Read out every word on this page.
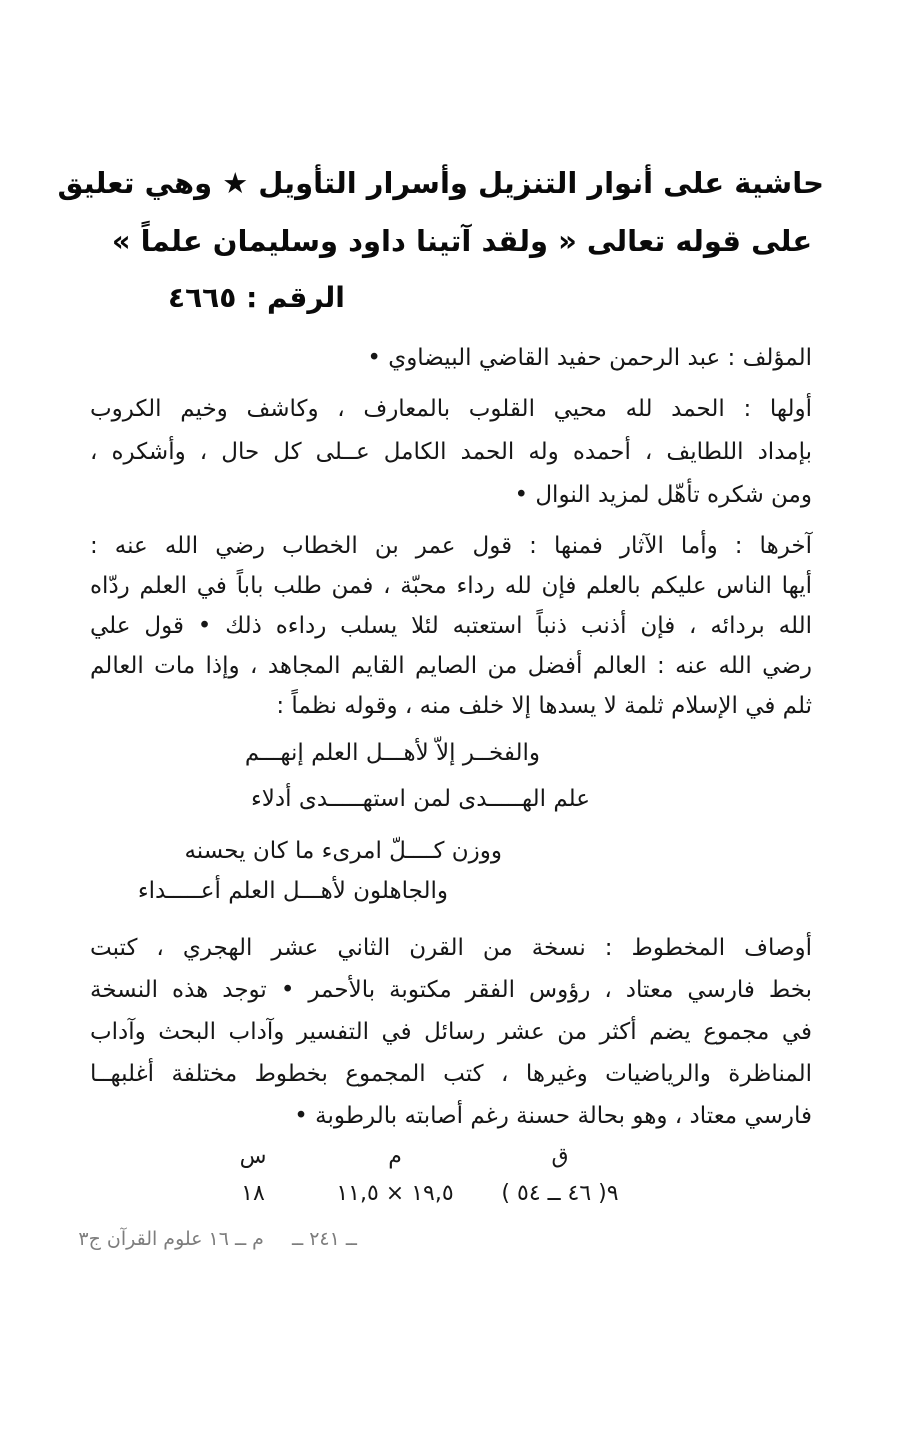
حاشية على أنوار التنزيل وأسرار التأويل ★ وهي تعليق
على قوله تعالى « ولقد آتينا داود وسليمان علماً »
الرقم : ٤٦٦٥
المؤلف : عبد الرحمن حفيد القاضي البيضاوي •
أولها : الحمد لله محيي القلوب بالمعارف ، وكاشف وخيم الكروب
بإمداد اللطايف ، أحمده وله الحمد الكامل عــلى كل حال ، وأشكره ،
ومن شكره تأهّل لمزيد النوال •
آخرها : وأما الآثار فمنها : قول عمر بن الخطاب رضي الله عنه :
أيها الناس عليكم بالعلم فإن لله رداء محبّة ، فمن طلب باباً في العلم ردّاه
الله بردائه ، فإن أذنب ذنباً استعتبه لئلا يسلب رداءه ذلك • قول علي
رضي الله عنه : العالم أفضل من الصايم القايم المجاهد ، وإذا مات العالم
ثلم في الإسلام ثلمة لا يسدها إلا خلف منه ، وقوله نظماً :
والفخــر إلاّ لأهـــل العلم إنهـــم
علم الهـــــدى لمن استهـــــدى أدلاء
ووزن كــــلّ امرىء ما كان يحسنه
والجاهلون لأهـــل العلم أعـــــداء
أوصاف المخطوط : نسخة من القرن الثاني عشر الهجري ، كتبت
بخط فارسي معتاد ، رؤوس الفقر مكتوبة بالأحمر • توجد هذه النسخة
في مجموع يضم أكثر من عشر رسائل في التفسير وآداب البحث وآداب
المناظرة والرياضيات وغيرها ، كتب المجموع بخطوط مختلفة أغلبهــا
فارسي معتاد ، وهو بحالة حسنة رغم أصابته بالرطوبة •
ق
٩( ٤٦ ــ ٥٤ )
م
١٩,٥ × ١١,٥
س
١٨
ــ ٢٤١ ــ م ــ ١٦ علوم القرآن ج٣
